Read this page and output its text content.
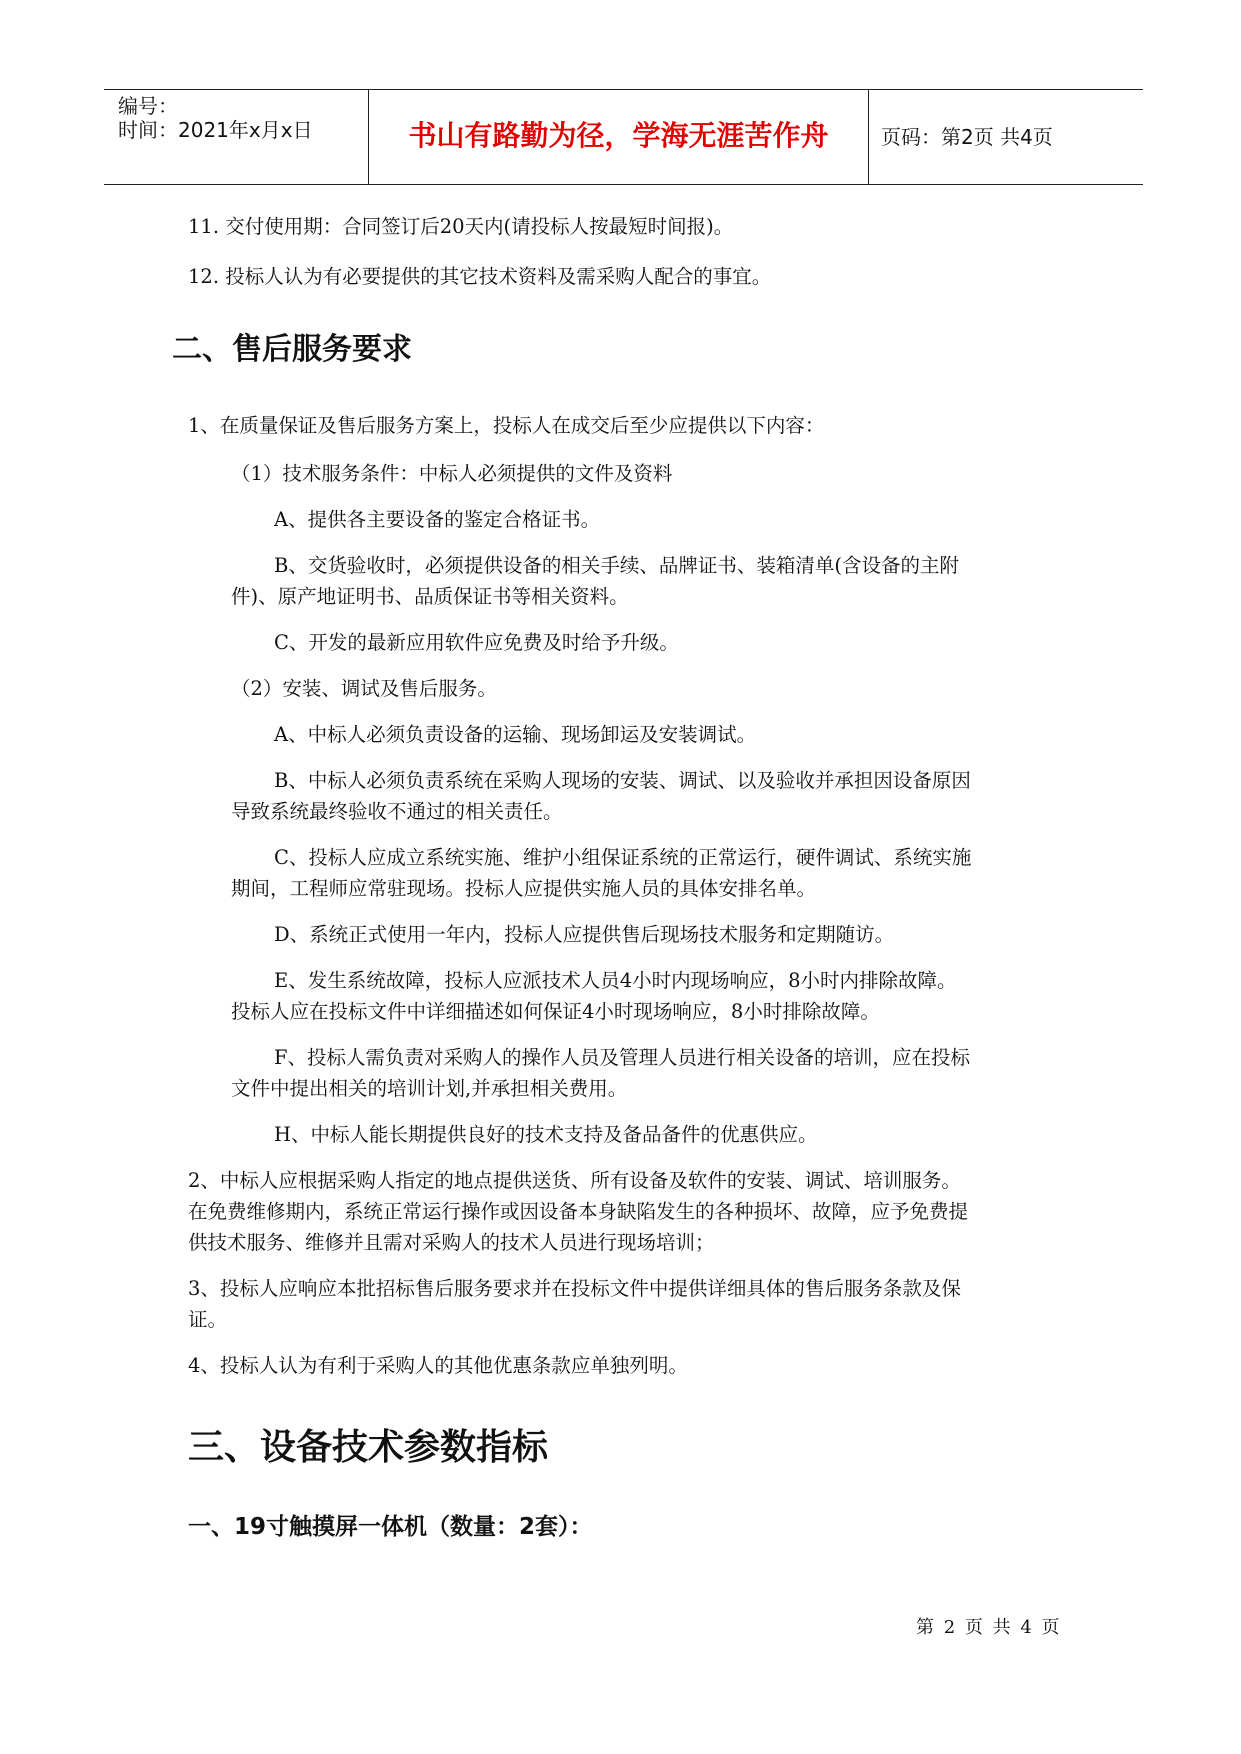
编号：
时间：2021年x月x日	书山有路勤为径，学海无涯苦作舟	页码：第2页 共4页
11. 交付使用期：合同签订后20天内(请投标人按最短时间报)。
12. 投标人认为有必要提供的其它技术资料及需采购人配合的事宜。
二、售后服务要求
1、在质量保证及售后服务方案上，投标人在成交后至少应提供以下内容：
（1）技术服务条件：中标人必须提供的文件及资料
A、提供各主要设备的鉴定合格证书。
B、交货验收时，必须提供设备的相关手续、品牌证书、装箱清单(含设备的主附
件)、原产地证明书、品质保证书等相关资料。
C、开发的最新应用软件应免费及时给予升级。
（2）安装、调试及售后服务。
A、中标人必须负责设备的运输、现场卸运及安装调试。
B、中标人必须负责系统在采购人现场的安装、调试、以及验收并承担因设备原因
导致系统最终验收不通过的相关责任。
C、投标人应成立系统实施、维护小组保证系统的正常运行，硬件调试、系统实施
期间，工程师应常驻现场。投标人应提供实施人员的具体安排名单。
D、系统正式使用一年内，投标人应提供售后现场技术服务和定期随访。
E、发生系统故障，投标人应派技术人员4小时内现场响应，8小时内排除故障。
投标人应在投标文件中详细描述如何保证4小时现场响应，8小时排除故障。
F、投标人需负责对采购人的操作人员及管理人员进行相关设备的培训，应在投标
文件中提出相关的培训计划,并承担相关费用。
H、中标人能长期提供良好的技术支持及备品备件的优惠供应。
2、中标人应根据采购人指定的地点提供送货、所有设备及软件的安装、调试、培训服务。
在免费维修期内，系统正常运行操作或因设备本身缺陷发生的各种损坏、故障，应予免费提
供技术服务、维修并且需对采购人的技术人员进行现场培训；
3、投标人应响应本批招标售后服务要求并在投标文件中提供详细具体的售后服务条款及保
证。
4、投标人认为有利于采购人的其他优惠条款应单独列明。
三、设备技术参数指标
一、19寸触摸屏一体机（数量：2套）：
第 2 页 共 4 页
